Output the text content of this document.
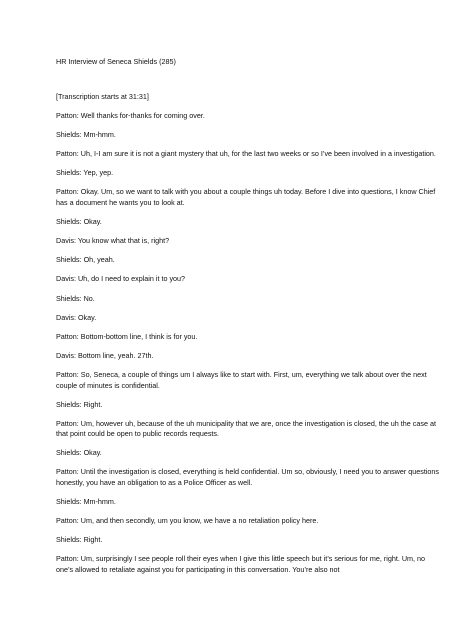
HR Interview of Seneca Shields (285)
[Transcription starts at 31:31]
Patton: Well thanks for-thanks for coming over.
Shields: Mm-hmm.
Patton: Uh, I-I am sure it is not a giant mystery that uh, for the last two weeks or so I’ve been involved in a investigation.
Shields: Yep, yep.
Patton: Okay. Um, so we want to talk with you about a couple things uh today. Before I dive into questions, I know Chief has a document he wants you to look at.
Shields: Okay.
Davis: You know what that is, right?
Shields: Oh, yeah.
Davis: Uh, do I need to explain it to you?
Shields: No.
Davis: Okay.
Patton: Bottom-bottom line, I think is for you.
Davis: Bottom line, yeah. 27th.
Patton: So, Seneca, a couple of things um I always like to start with. First, um, everything we talk about over the next couple of minutes is confidential.
Shields: Right.
Patton: Um, however uh, because of the uh municipality that we are, once the investigation is closed, the uh the case at that point could be open to public records requests.
Shields: Okay.
Patton: Until the investigation is closed, everything is held confidential. Um so, obviously, I need you to answer questions honestly, you have an obligation to as a Police Officer as well.
Shields: Mm-hmm.
Patton: Um, and then secondly, um you know, we have a no retaliation policy here.
Shields: Right.
Patton: Um, surprisingly I see people roll their eyes when I give this little speech but it’s serious for me, right. Um, no one’s allowed to retaliate against you for participating in this conversation. You’re also not
